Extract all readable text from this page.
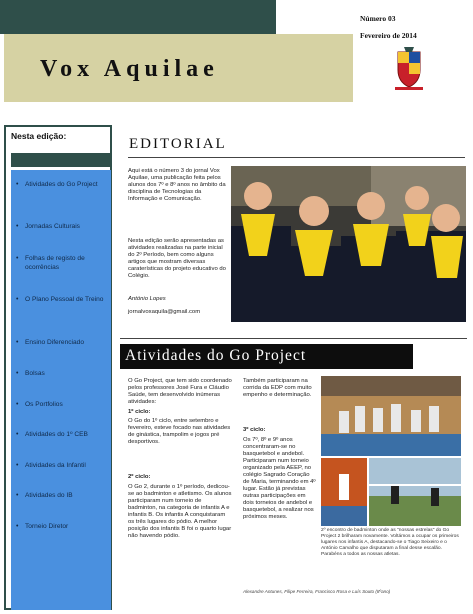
Vox Aquilae
Número 03
Fevereiro de 2014
Nesta edição:
• Atividades do Go Project
• Jornadas Culturais
• Folhas de registo de ocorrências
• O Plano Pessoal de Treino
• Ensino Diferenciado
• Bolsas
• Os Portfolios
• Atividades do 1º CEB
• Atividades da Infantil
• Atividades do IB
• Torneio Diretor
EDITORIAL
Aqui está o número 3 do jornal Vox Aquilae, uma publicação feita pelos alunos dos 7º e 8º anos no âmbito da disciplina de Tecnologias da Informação e Comunicação.
Nesta edição serão apresentadas as atividades realizadas na parte inicial do 2º Período, bem como alguns artigos que mostram diversas caraterísticas do projeto educativo do Colégio.
António Lopes
jornalvoxaquila@gmail.com
Atividades do Go Project
O Go Project, que tem sido coordenado pelos professores José Fura e Cláudio Saúde, tem desenvolvido inúmeras atividades:
1º ciclo:
O Go do 1º ciclo, entre setembro e fevereiro, esteve focado nas atividades de ginástica, trampolim e jogos pré desportivos.
2º ciclo:
O Go 2, durante o 1º período, dedicou-se ao badminton e atletismo. Os alunos participaram num torneio de badminton, na categoria de infantis A e infantis B. Os infantis A conquistaram os três lugares do pódio. A melhor posição dos infantis B foi o quarto lugar não havendo pódio.
Também participaram na corrida da EDP com muito empenho e determinação.
3º ciclo:
Os 7º, 8º e 9º anos concentraram-se no basquetebol e andebol. Participaram num torneio organizado pela AEEP, no colégio Sagrado Coração de Maria, terminando em 4º lugar. Estão já previstas outras participações em dois torneios de andebol e basquetebol, a realizar nos próximos meses.
2º encontro de badminton onde as "nossas estrelas" do Go Project 2 brilharam novamente. Voltámos a ocupar os primeiros lugares nos infantis A, destacando-se o Tiago Seixeiro e o António Carvalho que disputaram a final desse escalão. Parabéns a todos as nossas atletas.
Alexandre Antunes, Filipe Ferreira, Francisco Rosa e Luís Souto (8ºano)
